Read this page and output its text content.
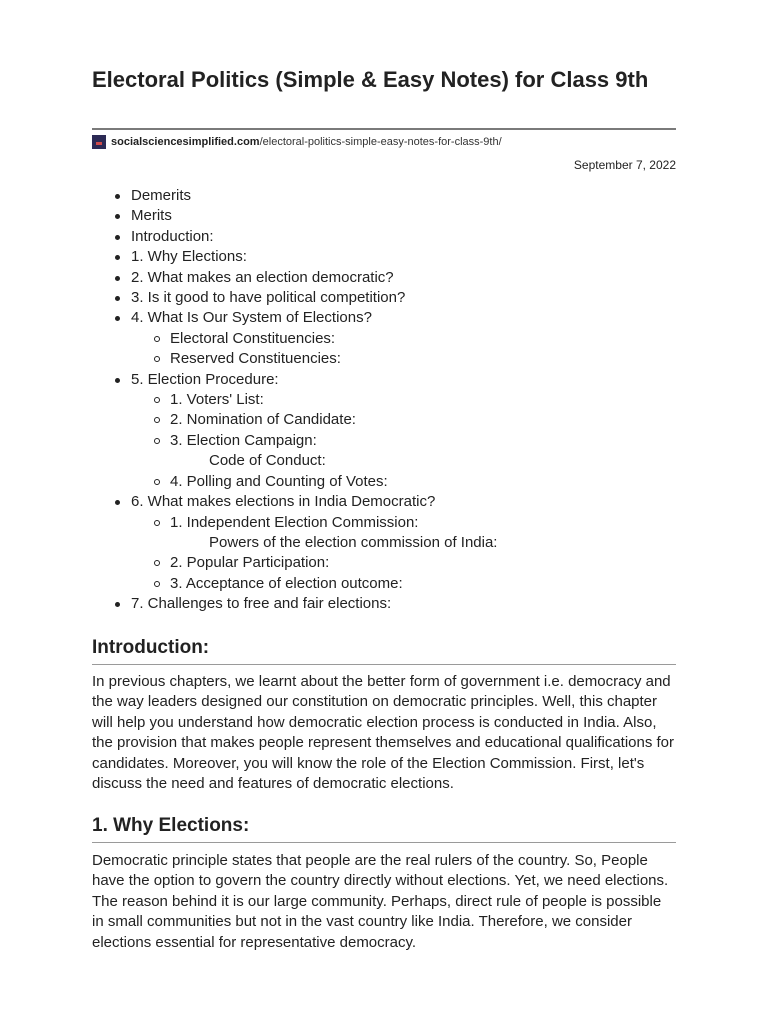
Electoral Politics (Simple & Easy Notes) for Class 9th
socialsciencesimplified.com /electoral-politics-simple-easy-notes-for-class-9th/
September 7, 2022
Demerits
Merits
Introduction:
1. Why Elections:
2. What makes an election democratic?
3. Is it good to have political competition?
4. What Is Our System of Elections?
Electoral Constituencies:
Reserved Constituencies:
5. Election Procedure:
1. Voters' List:
2. Nomination of Candidate:
3. Election Campaign:
Code of Conduct:
4. Polling and Counting of Votes:
6. What makes elections in India Democratic?
1. Independent Election Commission:
Powers of the election commission of India:
2. Popular Participation:
3. Acceptance of election outcome:
7. Challenges to free and fair elections:
Introduction:

In previous chapters, we learnt about the better form of government i.e. democracy and the way leaders designed our constitution on democratic principles. Well, this chapter will help you understand how democratic election process is conducted in India. Also, the provision that makes people represent themselves and educational qualifications for candidates. Moreover, you will know the role of the Election Commission. First, let's discuss the need and features of democratic elections.

1. Why Elections:

Democratic principle states that people are the real rulers of the country. So, People have the option to govern the country directly without elections. Yet, we need elections. The reason behind it is our large community. Perhaps, direct rule of people is possible in small communities but not in the vast country like India. Therefore, we consider elections essential for representative democracy.
